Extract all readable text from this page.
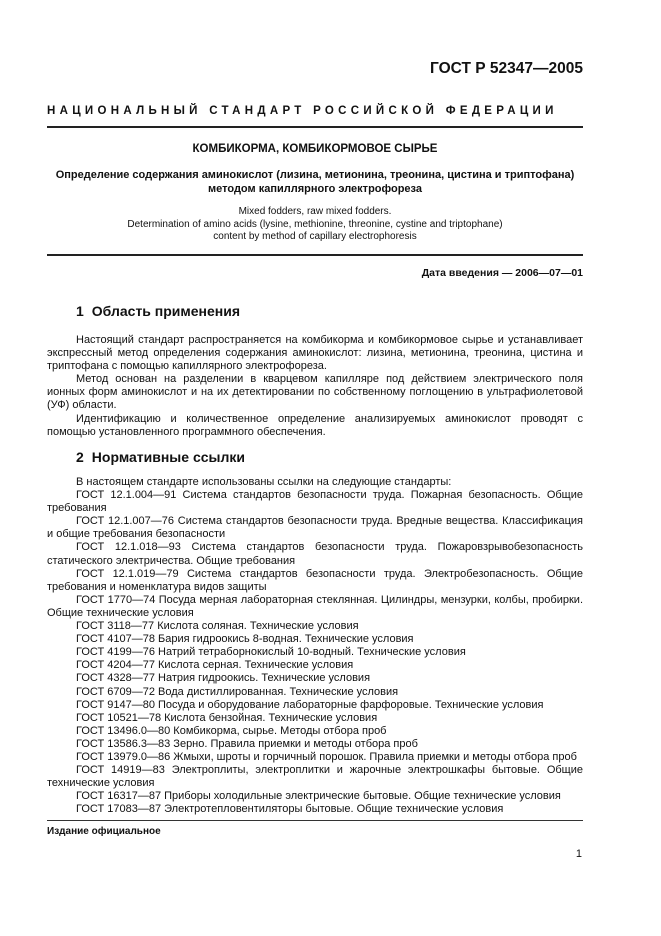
ГОСТ Р 52347—2005
НАЦИОНАЛЬНЫЙ СТАНДАРТ РОССИЙСКОЙ ФЕДЕРАЦИИ
КОМБИКОРМА, КОМБИКОРМОВОЕ СЫРЬЕ
Определение содержания аминокислот (лизина, метионина, треонина, цистина и триптофана)
методом капиллярного электрофореза
Mixed fodders, raw mixed fodders.
Determination of amino acids (lysine, methionine, threonine, cystine and triptophane)
content by method of capillary electrophoresis
Дата введения — 2006—07—01
1 Область применения

Настоящий стандарт распространяется на комбикорма и комбикормовое сырье и устанавливает экспрессный метод определения содержания аминокислот: лизина, метионина, треонина, цистина и триптофана с помощью капиллярного электрофореза.

Метод основан на разделении в кварцевом капилляре под действием электрического поля ионных форм аминокислот и на их детектировании по собственному поглощению в ультрафиолетовой (УФ) области.

Идентификацию и количественное определение анализируемых аминокислот проводят с помощью установленного программного обеспечения.

2 Нормативные ссылки
В настоящем стандарте использованы ссылки на следующие стандарты:
ГОСТ 12.1.004—91 Система стандартов безопасности труда. Пожарная безопасность. Общие требования
ГОСТ 12.1.007—76 Система стандартов безопасности труда. Вредные вещества. Классификация и общие требования безопасности
ГОСТ 12.1.018—93 Система стандартов безопасности труда. Пожаровзрывобезопасность статического электричества. Общие требования
ГОСТ 12.1.019—79 Система стандартов безопасности труда. Электробезопасность. Общие требования и номенклатура видов защиты
ГОСТ 1770—74 Посуда мерная лабораторная стеклянная. Цилиндры, мензурки, колбы, пробирки. Общие технические условия
ГОСТ 3118—77 Кислота соляная. Технические условия
ГОСТ 4107—78 Бария гидроокись 8-водная. Технические условия
ГОСТ 4199—76 Натрий тетраборнокислый 10-водный. Технические условия
ГОСТ 4204—77 Кислота серная. Технические условия
ГОСТ 4328—77 Натрия гидроокись. Технические условия
ГОСТ 6709—72 Вода дистиллированная. Технические условия
ГОСТ 9147—80 Посуда и оборудование лабораторные фарфоровые. Технические условия
ГОСТ 10521—78 Кислота бензойная. Технические условия
ГОСТ 13496.0—80 Комбикорма, сырье. Методы отбора проб
ГОСТ 13586.3—83 Зерно. Правила приемки и методы отбора проб
ГОСТ 13979.0—86 Жмыхи, шроты и горчичный порошок. Правила приемки и методы отбора проб
ГОСТ 14919—83 Электроплиты, электроплитки и жарочные электрошкафы бытовые. Общие технические условия
ГОСТ 16317—87 Приборы холодильные электрические бытовые. Общие технические условия
ГОСТ 17083—87 Электротепловентиляторы бытовые. Общие технические условия
Издание официальное
1
